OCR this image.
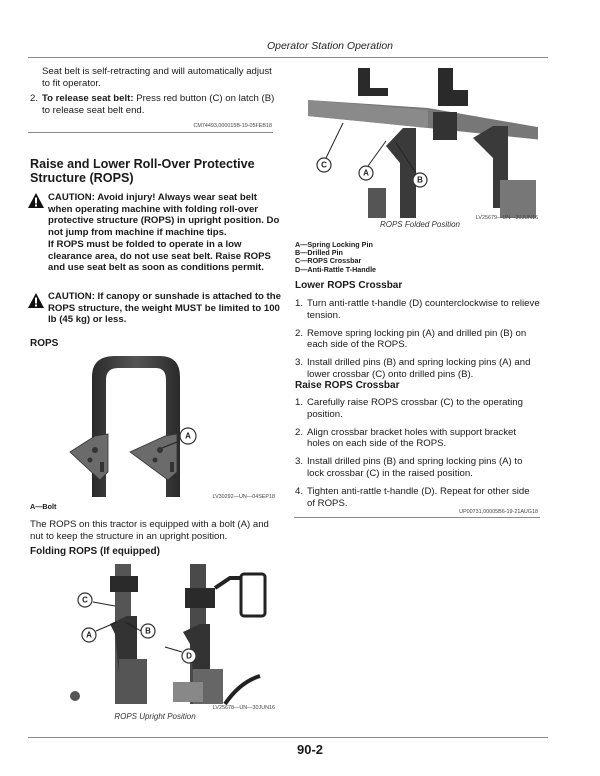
Operator Station Operation
Seat belt is self-retracting and will automatically adjust to fit operator.
2. To release seat belt: Press red button (C) on latch (B) to release seat belt end.
CM74493,000015B-19-05FEB18
Raise and Lower Roll-Over Protective Structure (ROPS)
CAUTION: Avoid injury! Always wear seat belt when operating machine with folding roll-over protective structure (ROPS) in upright position. Do not jump from machine if machine tips.
If ROPS must be folded to operate in a low clearance area, do not use seat belt. Raise ROPS and use seat belt as soon as conditions permit.
CAUTION: If canopy or sunshade is attached to the ROPS structure, the weight MUST be limited to 100 lb (45 kg) or less.
ROPS
A
LV30292—UN—04SEP18
A—Bolt
The ROPS on this tractor is equipped with a bolt (A) and nut to keep the structure in an upright position.
Folding ROPS (If equipped)
C
A	B
D
LV25678—UN—30JUN16
ROPS Upright Position
C
A
B
LV25679—UN—30JUN16
ROPS Folded Position
A—Spring Locking Pin
B—Drilled Pin
C—ROPS Crossbar
D—Anti-Rattle T-Handle
Lower ROPS Crossbar
1. Turn anti-rattle t-handle (D) counterclockwise to relieve tension.
2. Remove spring locking pin (A) and drilled pin (B) on each side of the ROPS.
3. Install drilled pins (B) and spring locking pins (A) and lower crossbar (C) onto drilled pins (B).
Raise ROPS Crossbar
1. Carefully raise ROPS crossbar (C) to the operating position.
2. Align crossbar bracket holes with support bracket holes on each side of the ROPS.
3. Install drilled pins (B) and spring locking pins (A) to lock crossbar (C) in the raised position.
4. Tighten anti-rattle t-handle (D). Repeat for other side of ROPS.
UP00731,00005B6-19-21AUG18
90-2
